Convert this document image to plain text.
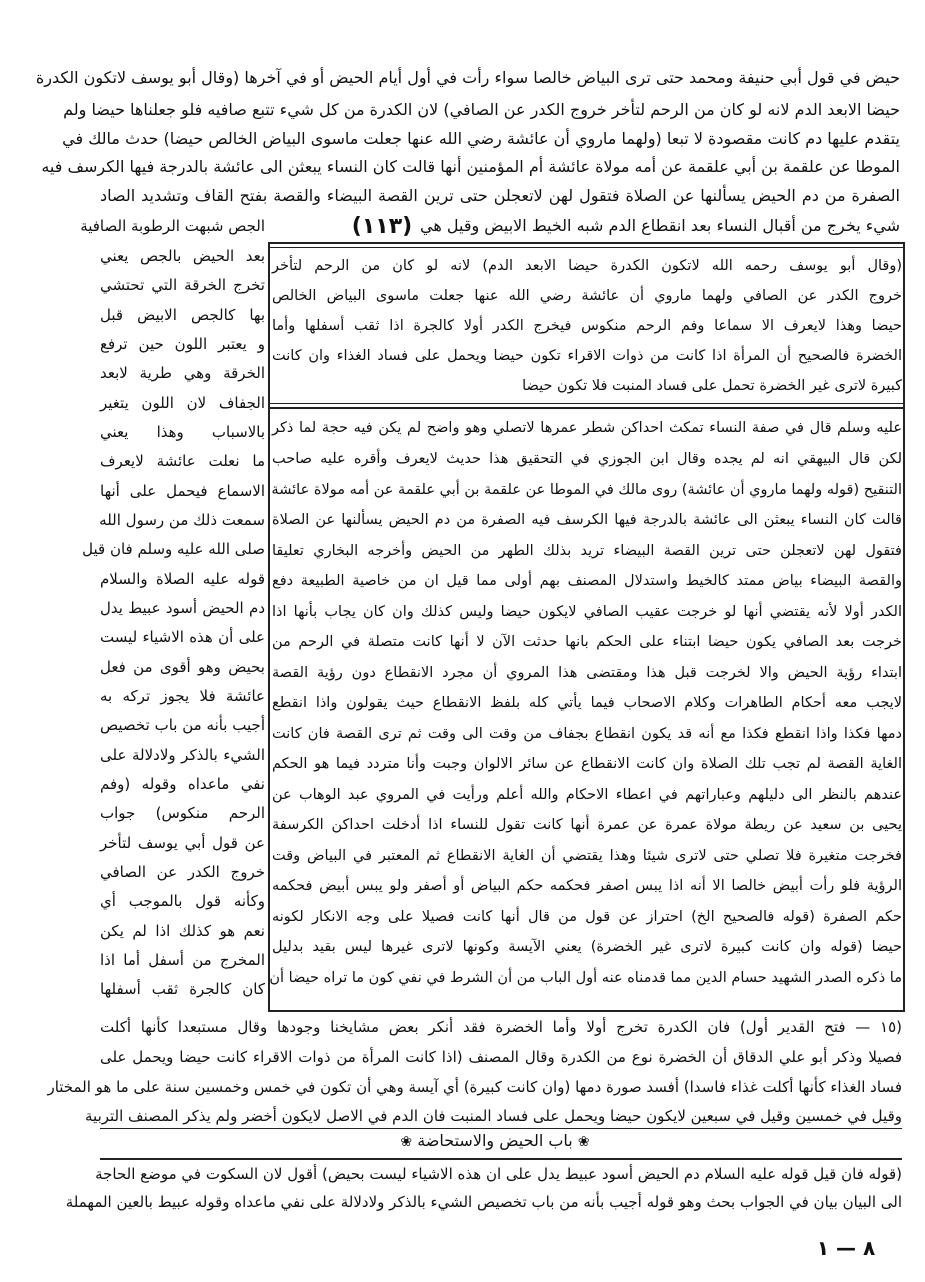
حيض في قول أبي حنيفة ومحمد حتى ترى البياض خالصا سواء رأت في أول أيام الحيض أو في آخرها (وقال أبو يوسف لاتكون الكدرة
حيضا الابعد الدم لانه لو كان من الرحم لتأخر خروج الكدر عن الصافي) لان الكدرة من كل شيء تتبع صافيه فلو جعلناها حيضا ولم
يتقدم عليها دم كانت مقصودة لا تبعا (ولهما ماروي أن عائشة رضي الله عنها جعلت ماسوى البياض الخالص حيضا) حدث مالك في
الموطا عن علقمة بن أبي علقمة عن أمه مولاة عائشة أم المؤمنين أنها قالت كان النساء يبعثن الى عائشة بالدرجة فيها الكرسف فيه
الصفرة من دم الحيض يسألنها عن الصلاة فتقول لهن لاتعجلن حتى ترين القصة البيضاء والقصة بفتح القاف وتشديد الصاد
شيء يخرج من أقبال النساء بعد انقطاع الدم شبه الخيط الابيض وقيل هي
(١١٣)
الجص شبهت الرطوبة الصافية
بعد الحيض بالجص يعني
تخرج الخرقة التي تحتشي
بها كالجص الابيض قبل
و يعتبر اللون حين ترفع
الخرقة وهي طرية لابعد
الجفاف لان اللون يتغير
بالاسباب وهذا يعني
ما نعلت عائشة لايعرف
الاسماع فيحمل على أنها
سمعت ذلك من رسول الله
صلى الله عليه وسلم فان قيل
قوله عليه الصلاة والسلام
دم الحيض أسود عبيط يدل
على أن هذه الاشياء ليست
بحيض وهو أقوى من فعل
عائشة فلا يجوز تركه به
أجيب بأنه من باب تخصيص
الشيء بالذكر ولادلالة على
نفي ماعداه وقوله (وفم
الرحم منكوس) جواب
عن قول أبي يوسف لتأخر
خروج الكدر عن الصافي
وكأنه قول بالموجب أي
نعم هو كذلك اذا لم يكن
المخرج من أسفل أما اذا
كان كالجرة ثقب أسفلها
(وقال أبو يوسف رحمه الله لاتكون الكدرة حيضا الابعد الدم) لانه لو كان من الرحم لتأخر
خروج الكدر عن الصافي ولهما ماروي أن عائشة رضي الله عنها جعلت ماسوى البياض الخالص
حيضا وهذا لايعرف الا سماعا وفم الرحم منكوس فيخرج الكدر أولا كالجرة اذا ثقب أسفلها وأما
الخضرة فالصحيح أن المرأة اذا كانت من ذوات الاقراء تكون حيضا ويحمل على فساد الغذاء وان كانت
كبيرة لاترى غير الخضرة تحمل على فساد المنبت فلا تكون حيضا
عليه وسلم قال في صفة النساء تمكث احداكن شطر عمرها لاتصلي وهو واضح لم يكن فيه حجة لما ذكر
لكن قال البيهقي انه لم يجده وقال ابن الجوزي في التحقيق هذا حديث لايعرف وأقره عليه صاحب
التنقيح (قوله ولهما ماروي أن عائشة) روى مالك في الموطا عن علقمة بن أبي علقمة عن أمه مولاة عائشة
قالت كان النساء يبعثن الى عائشة بالدرجة فيها الكرسف فيه الصفرة من دم الحيض يسألنها عن الصلاة
فتقول لهن لاتعجلن حتى ترين القصة البيضاء تريد بذلك الطهر من الحيض وأخرجه البخاري تعليقا
والقصة البيضاء بياض ممتد كالخيط واستدلال المصنف بهم أولى مما قيل ان من خاصية الطبيعة دفع
الكدر أولا لأنه يقتضي أنها لو خرجت عقيب الصافي لايكون حيضا وليس كذلك وان كان يجاب بأنها اذا
خرجت بعد الصافي يكون حيضا ابتناء على الحكم بانها حدثت الآن لا أنها كانت متصلة في الرحم من
ابتداء رؤية الحيض والا لخرجت قبل هذا ومقتضى هذا المروي أن مجرد الانقطاع دون رؤية القصة
لايجب معه أحكام الطاهرات وكلام الاصحاب فيما يأتي كله بلفظ الانقطاع حيث يقولون واذا انقطع
دمها فكذا واذا انقطع فكذا مع أنه قد يكون انقطاع بجفاف من وقت الى وقت ثم ترى القصة فان كانت
الغاية القصة لم تجب تلك الصلاة وان كانت الانقطاع عن سائر الالوان وجبت وأنا متردد فيما هو الحكم
عندهم بالنظر الى دليلهم وعباراتهم في اعطاء الاحكام والله أعلم ورأيت في المروي عبد الوهاب عن
يحيى بن سعيد عن ريطة مولاة عمرة عن عمرة أنها كانت تقول للنساء اذا أدخلت احداكن الكرسفة
فخرجت متغيرة فلا تصلي حتى لاترى شيئا وهذا يقتضي أن الغاية الانقطاع ثم المعتبر في البياض وقت
الرؤية فلو رأت أبيض خالصا الا أنه اذا يبس اصفر فحكمه حكم البياض أو أصفر ولو يبس أبيض فحكمه
حكم الصفرة (قوله فالصحيح الخ) احتراز عن قول من قال أنها كانت فصيلا على وجه الانكار لكونه
حيضا (قوله وان كانت كبيرة لاترى غير الخضرة) يعني الآيسة وكونها لاترى غيرها ليس بقيد بدليل
ما ذكره الصدر الشهيد حسام الدين مما قدمناه عنه أول الباب من أن الشرط في نفي كون ما تراه حيضا أن
(١٥ — فتح القدير أول) فان الكدرة تخرج أولا وأما الخضرة فقد أنكر بعض مشايخنا وجودها وقال مستبعدا كأنها أكلت
فصيلا وذكر أبو علي الدقاق أن الخضرة نوع من الكدرة وقال المصنف (اذا كانت المرأة من ذوات الاقراء كانت حيضا ويحمل على
فساد الغذاء كأنها أكلت غذاء فاسدا) أفسد صورة دمها (وان كانت كبيرة) أي آيسة وهي أن تكون في خمس وخمسين سنة على ما هو المختار
وقيل في خمسين وقيل في سبعين لايكون حيضا ويحمل على فساد المنبت فان الدم في الاصل لايكون أخضر ولم يذكر المصنف التربية
❀ باب الحيض والاستحاضة ❀
(قوله فان قيل قوله عليه السلام دم الحيض أسود عبيط يدل على ان هذه الاشياء ليست بحيض) أقول لان السكوت في موضع الحاجة
الى البيان بيان في الجواب بحث وهو قوله أجيب بأنه من باب تخصيص الشيء بالذكر ولادلالة على نفي ماعداه وقوله عبيط بالعين المهملة
٨ — ١
